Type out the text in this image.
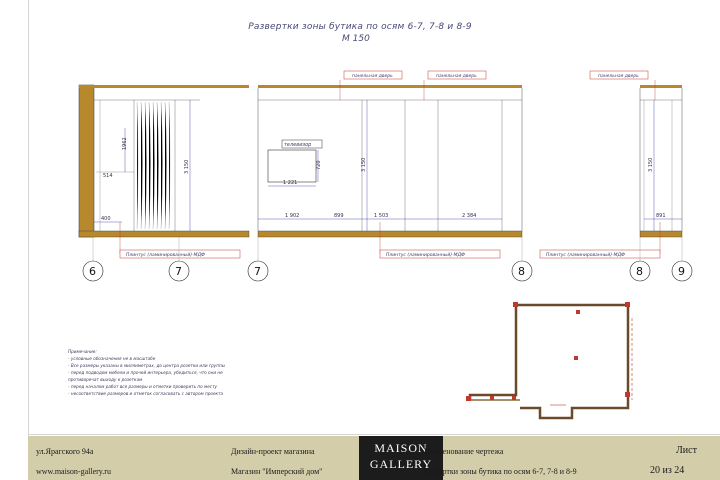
Развертки зоны бутика по осям 6-7, 7-8 и 8-9
М 150
1962
3 150
514
400
Плинтус (ламинированный)-МДФ
6	7
телевизор
720
1 221
3 150
1 902	899	1 503	2 384
панельная дверь	панельная дверь
Плинтус (ламинированный)-МДФ
7	8
3 150
891
панельная дверь
Плинтус (ламинированный)-МДФ
8	9
Примечание:
- условные обозначения не в масштабе
- Все размеры указаны в миллиметрах, до центра розетки или группы
- перед подводом мебели и прочей интерьера, убедиться, что они не
противоречат выходу к розеткам
- перед началом работ все размеры и отметки проверить по месту
- несоответствие размеров и отметок согласовать с автором проекта
ул.Ярагского 94а
www.maison-gallery.ru
Дизайн-проект магазина
Магазин "Имперский дом"
MAISON
GALLERY
Наименование чертежа
Развертки зоны бутика по осям 6-7, 7-8 и 8-9
Лист
20 из 24
